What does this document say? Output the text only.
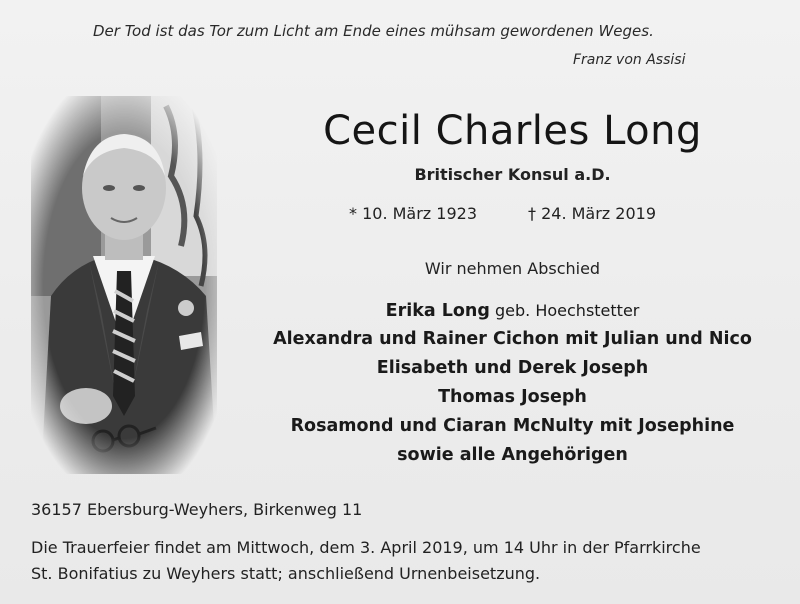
Der Tod ist das Tor zum Licht am Ende eines mühsam gewordenen Weges.
Franz von Assisi
Cecil Charles Long
Britischer Konsul a.D.
* 10. März 1923	† 24. März 2019
Wir nehmen Abschied
Erika Long geb. Hoechstetter
Alexandra und Rainer Cichon mit Julian und Nico
Elisabeth und Derek Joseph
Thomas Joseph
Rosamond und Ciaran McNulty mit Josephine
sowie alle Angehörigen
36157 Ebersburg-Weyhers, Birkenweg 11
Die Trauerfeier findet am Mittwoch, dem 3. April 2019, um 14 Uhr in der Pfarrkirche
St. Bonifatius zu Weyhers statt; anschließend Urnenbeisetzung.
